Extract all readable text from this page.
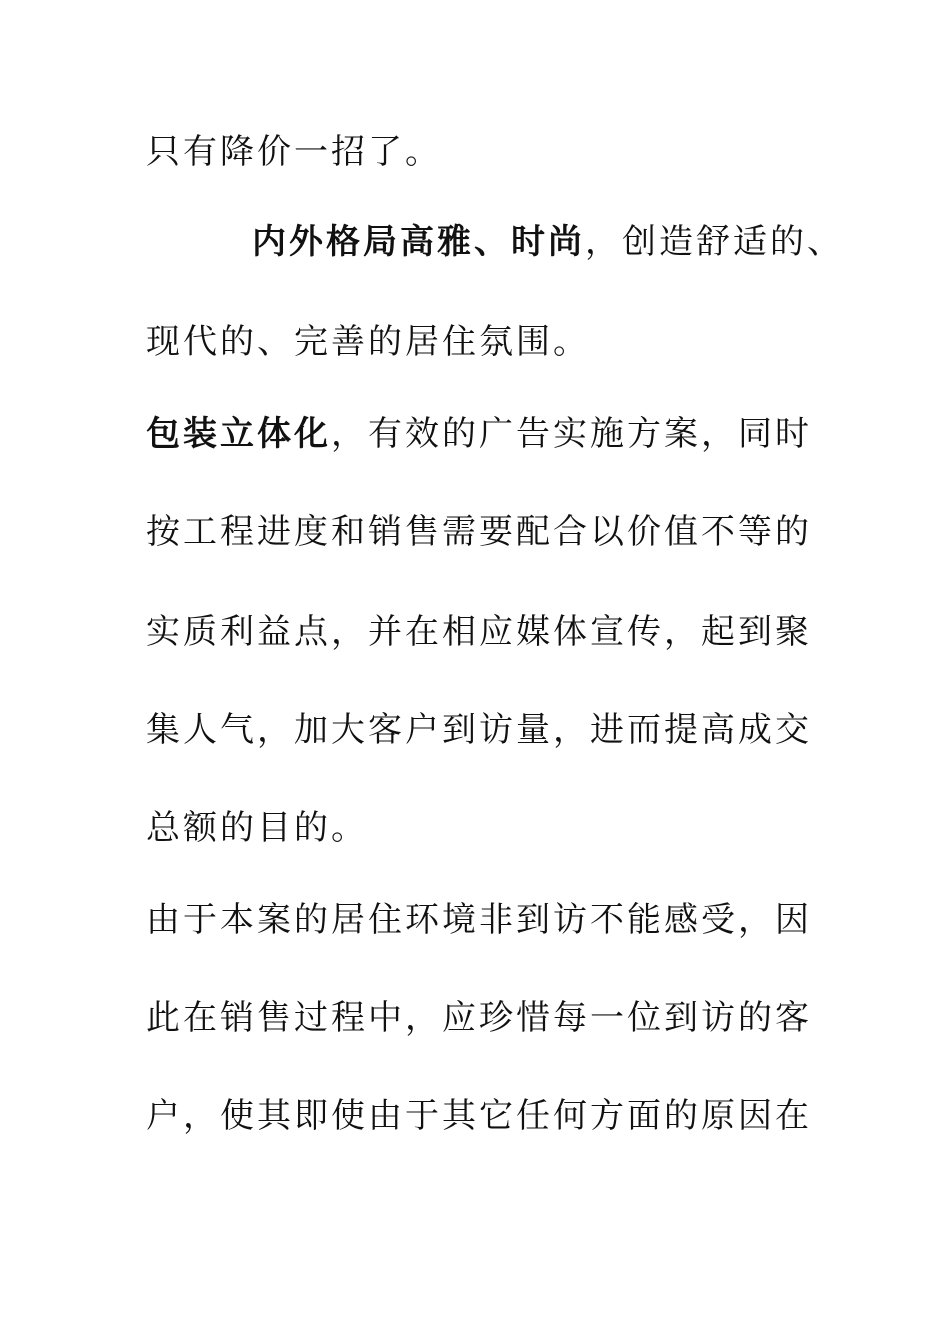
只有降价一招了。
内外格局高雅、时尚，创造舒适的、
现代的、完善的居住氛围。
包装立体化，有效的广告实施方案，同时
按工程进度和销售需要配合以价值不等的
实质利益点，并在相应媒体宣传，起到聚
集人气，加大客户到访量，进而提高成交
总额的目的。
由于本案的居住环境非到访不能感受，因
此在销售过程中，应珍惜每一位到访的客
户，使其即使由于其它任何方面的原因在
